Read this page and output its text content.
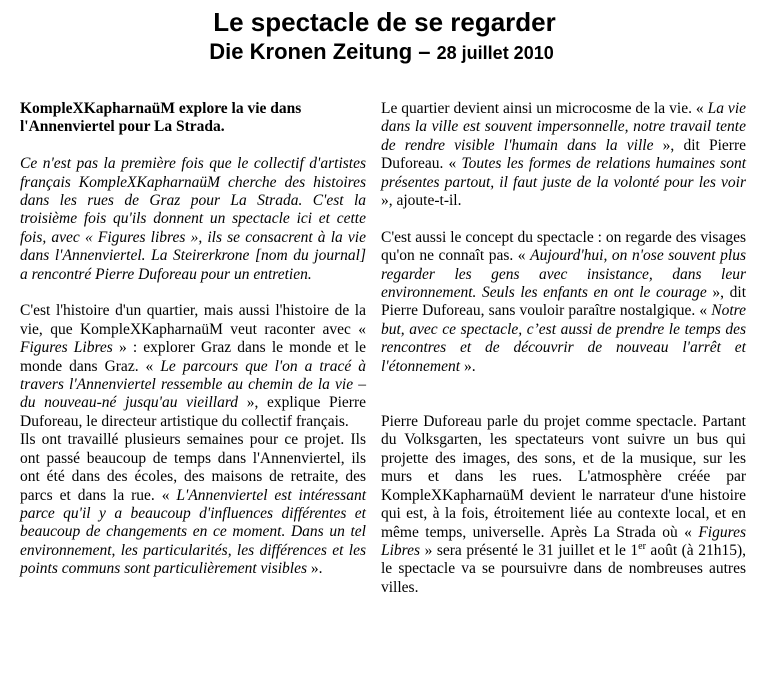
Le spectacle de se regarder
Die Kronen Zeitung – 28 juillet 2010

KompleXKapharnaüM explore la vie dans l'Annenviertel pour La Strada.

Ce n'est pas la première fois que le collectif d'artistes français KompleXKapharnaüM cherche des histoires dans les rues de Graz pour La Strada. C'est la troisième fois qu'ils donnent un spectacle ici et cette fois, avec « Figures libres », ils se consacrent à la vie dans l'Annenviertel. La Steirerkrone [nom du journal] a rencontré Pierre Duforeau pour un entretien.

C'est l'histoire d'un quartier, mais aussi l'histoire de la vie, que KompleXKapharnaüM veut raconter avec « Figures Libres » : explorer Graz dans le monde et le monde dans Graz. « Le parcours que l'on a tracé à travers l'Annenviertel ressemble au chemin de la vie – du nouveau-né jusqu'au vieillard », explique Pierre Duforeau, le directeur artistique du collectif français.

Ils ont travaillé plusieurs semaines pour ce projet. Ils ont passé beaucoup de temps dans l'Annenviertel, ils ont été dans des écoles, des maisons de retraite, des parcs et dans la rue. « L'Annenviertel est intéressant parce qu'il y a beaucoup d'influences différentes et beaucoup de changements en ce moment. Dans un tel environnement, les particularités, les différences et les points communs sont particulièrement visibles ».

Le quartier devient ainsi un microcosme de la vie. « La vie dans la ville est souvent impersonnelle, notre travail tente de rendre visible l'humain dans la ville », dit Pierre Duforeau. « Toutes les formes de relations humaines sont présentes partout, il faut juste de la volonté pour les voir », ajoute-t-il.

C'est aussi le concept du spectacle : on regarde des visages qu'on ne connaît pas. « Aujourd'hui, on n'ose souvent plus regarder les gens avec insistance, dans leur environnement. Seuls les enfants en ont le courage », dit Pierre Duforeau, sans vouloir paraître nostalgique. « Notre but, avec ce spectacle, c’est aussi de prendre le temps des rencontres et de découvrir de nouveau l'arrêt et l'étonnement ».

Pierre Duforeau parle du projet comme spectacle. Partant du Volksgarten, les spectateurs vont suivre un bus qui projette des images, des sons, et de la musique, sur les murs et dans les rues. L'atmosphère créée par KompleXKapharnaüM devient le narrateur d'une histoire qui est, à la fois, étroitement liée au contexte local, et en même temps, universelle. Après La Strada où « Figures Libres » sera présenté le 31 juillet et le 1er août (à 21h15), le spectacle va se poursuivre dans de nombreuses autres villes.
